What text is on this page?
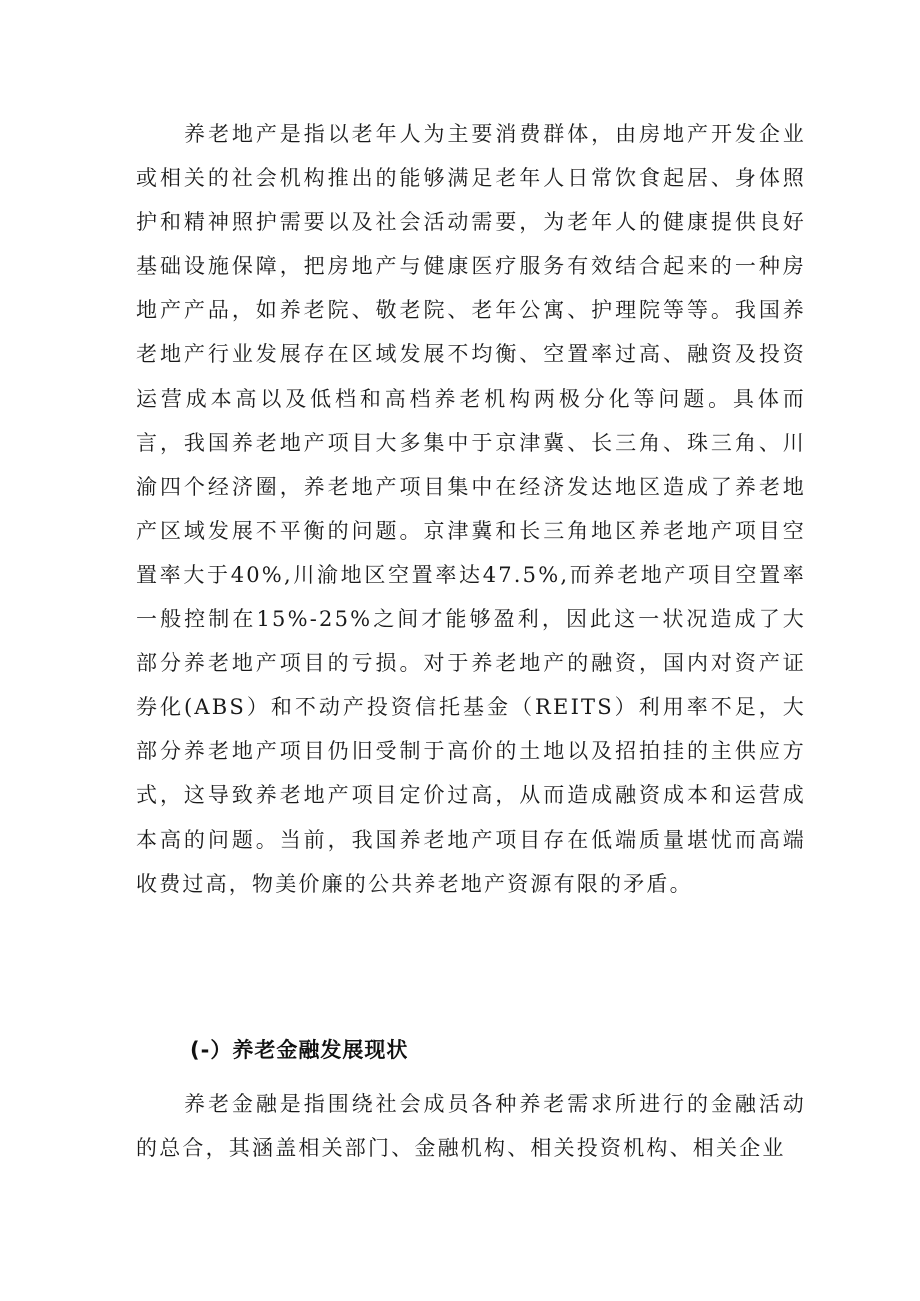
养老地产是指以老年人为主要消费群体，由房地产开发企业或相关的社会机构推出的能够满足老年人日常饮食起居、身体照护和精神照护需要以及社会活动需要，为老年人的健康提供良好基础设施保障，把房地产与健康医疗服务有效结合起来的一种房地产产品，如养老院、敬老院、老年公寓、护理院等等。我国养老地产行业发展存在区域发展不均衡、空置率过高、融资及投资运营成本高以及低档和高档养老机构两极分化等问题。具体而言，我国养老地产项目大多集中于京津冀、长三角、珠三角、川渝四个经济圈，养老地产项目集中在经济发达地区造成了养老地产区域发展不平衡的问题。京津冀和长三角地区养老地产项目空置率大于40%,川渝地区空置率达47.5%,而养老地产项目空置率一般控制在15%-25%之间才能够盈利，因此这一状况造成了大部分养老地产项目的亏损。对于养老地产的融资，国内对资产证券化(ABS）和不动产投资信托基金（REITS）利用率不足，大部分养老地产项目仍旧受制于高价的土地以及招拍挂的主供应方式，这导致养老地产项目定价过高，从而造成融资成本和运营成本高的问题。当前，我国养老地产项目存在低端质量堪忧而高端收费过高，物美价廉的公共养老地产资源有限的矛盾。

(-）养老金融发展现状

养老金融是指围绕社会成员各种养老需求所进行的金融活动的总合，其涵盖相关部门、金融机构、相关投资机构、相关企业
